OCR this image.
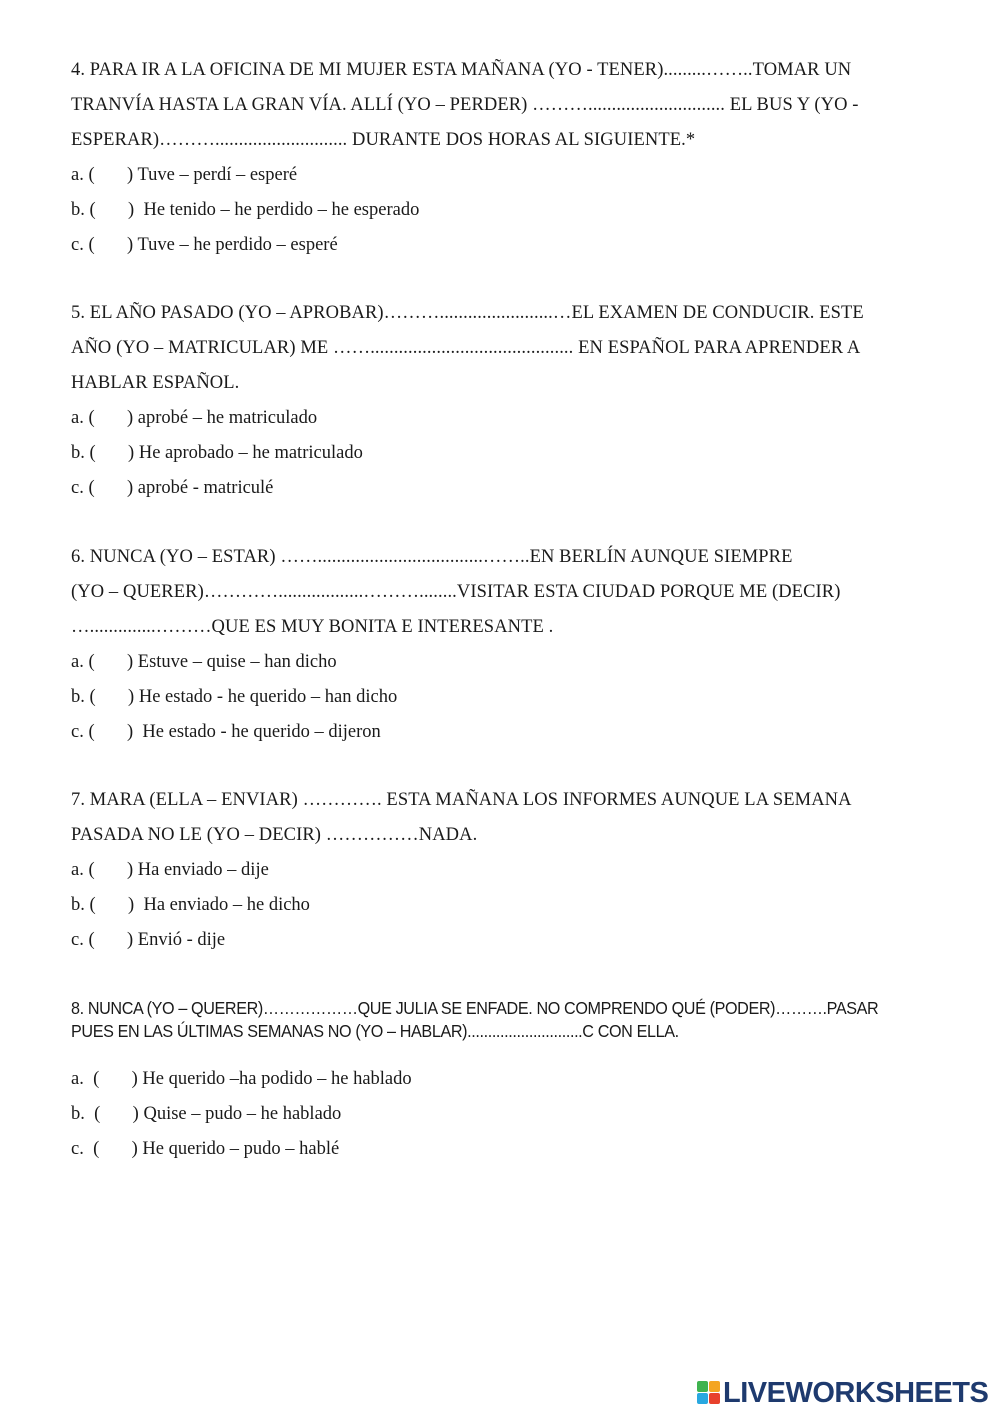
4. PARA IR A LA OFICINA DE MI MUJER ESTA MAÑANA (YO - TENER).........……..TOMAR UN
TRANVÍA HASTA LA GRAN VÍA. ALLÍ (YO – PERDER) ………............................. EL BUS Y (YO -
ESPERAR)………............................ DURANTE DOS HORAS AL SIGUIENTE.*
a. (
) Tuve – perdí – esperé
b. (
) He tenido – he perdido – he esperado
c. (
) Tuve – he perdido – esperé
5. EL AÑO PASADO (YO – APROBAR)………........................…EL EXAMEN DE CONDUCIR. ESTE
AÑO (YO – MATRICULAR) ME ……........................................... EN ESPAÑOL PARA APRENDER A
HABLAR ESPAÑOL.
a. (
) aprobé – he matriculado
b. (
) He aprobado – he matriculado
c. (
) aprobé - matriculé
6. NUNCA (YO – ESTAR) ……...................................……..EN BERLÍN AUNQUE SIEMPRE
(YO – QUERER)…………..................………........VISITAR ESTA CIUDAD PORQUE ME (DECIR)
…..............………QUE ES MUY BONITA E INTERESANTE .
a. (
) Estuve – quise – han dicho
b. (
) He estado - he querido – han dicho
c. (
) He estado - he querido – dijeron
7. MARA (ELLA – ENVIAR) …………. ESTA MAÑANA LOS INFORMES AUNQUE LA SEMANA
PASADA NO LE (YO – DECIR) ……………NADA.
a. (
) Ha enviado – dije
b. (
) Ha enviado – he dicho
c. (
) Envió - dije
8. NUNCA (YO – QUERER)………………QUE JULIA SE ENFADE. NO COMPRENDO QUÉ (PODER)……….PASAR
PUES EN LAS ÚLTIMAS SEMANAS NO (YO – HABLAR)............................C CON ELLA.
a.  (
) He querido –ha podido – he hablado
b.  (
) Quise – pudo – he hablado
c.  (
) He querido – pudo – hablé
LIVEWORKSHEETS
